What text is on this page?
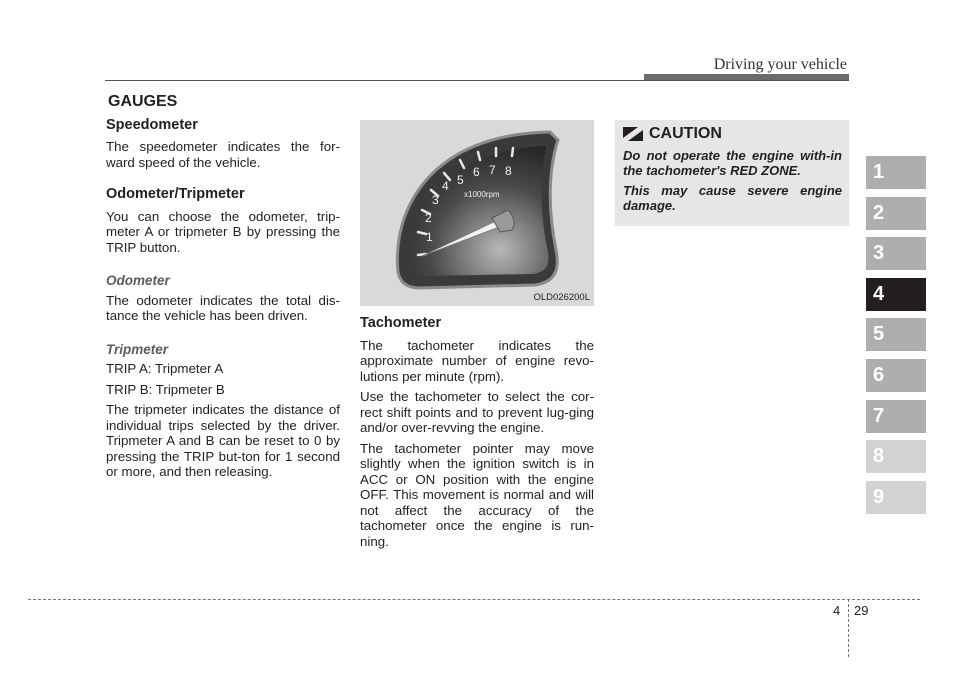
Driving your vehicle
GAUGES
Speedometer

The speedometer indicates the for-ward speed of the vehicle.

Odometer/Tripmeter

You can choose the odometer, trip-meter A or tripmeter B by pressing the TRIP button.

Odometer

The odometer indicates the total dis-tance the vehicle has been driven.

Tripmeter

TRIP A: Tripmeter A

TRIP B: Tripmeter B

The tripmeter indicates the distance of individual trips selected by the driver. Tripmeter A and B can be reset to 0 by pressing the TRIP but-ton for 1 second or more, and then releasing.

1
2
3
4 5
6 7 8
x1000rpm
OLD026200L
Tachometer

The tachometer indicates the approximate number of engine revo-lutions per minute (rpm).

Use the tachometer to select the cor-rect shift points and to prevent lug-ging and/or over-revving the engine.

The tachometer pointer may move slightly when the ignition switch is in ACC or ON position with the engine OFF. This movement is normal and will not affect the accuracy of the tachometer once the engine is run-ning.

CAUTION

Do not operate the engine with-in the tachometer's RED ZONE.

This may cause severe engine damage.

1
2
3
4
5
6
7
8
9
4 29
